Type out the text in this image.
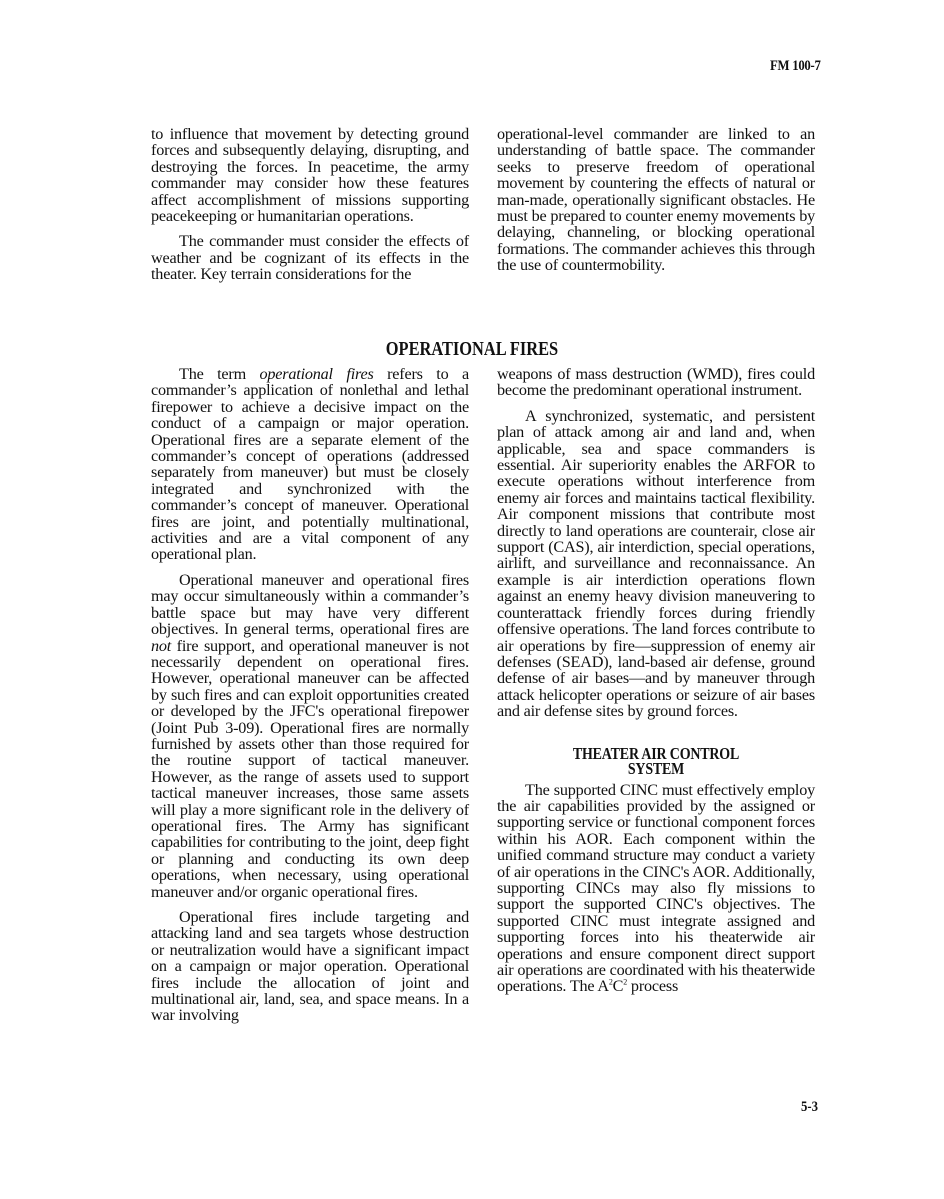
FM 100-7

to influence that movement by detecting ground forces and subsequently delaying, disrupting, and destroying the forces. In peacetime, the army commander may consider how these features affect accomplishment of missions supporting peacekeeping or humanitarian operations.

The commander must consider the effects of weather and be cognizant of its effects in the theater. Key terrain considerations for the

operational-level commander are linked to an understanding of battle space. The commander seeks to preserve freedom of operational movement by countering the effects of natural or man-made, operationally significant obstacles. He must be prepared to counter enemy movements by delaying, channeling, or blocking operational formations. The commander achieves this through the use of countermobility.

OPERATIONAL FIRES

The term operational fires refers to a commander’s application of nonlethal and lethal firepower to achieve a decisive impact on the conduct of a campaign or major operation. Operational fires are a separate element of the commander’s concept of operations (addressed separately from maneuver) but must be closely integrated and synchronized with the commander’s concept of maneuver. Operational fires are joint, and potentially multinational, activities and are a vital component of any operational plan.

Operational maneuver and operational fires may occur simultaneously within a commander’s battle space but may have very different objectives. In general terms, operational fires are not fire support, and operational maneuver is not necessarily dependent on operational fires. However, operational maneuver can be affected by such fires and can exploit opportunities created or developed by the JFC's operational firepower (Joint Pub 3-09). Operational fires are normally furnished by assets other than those required for the routine support of tactical maneuver. However, as the range of assets used to support tactical maneuver increases, those same assets will play a more significant role in the delivery of operational fires. The Army has significant capabilities for contributing to the joint, deep fight or planning and conducting its own deep operations, when necessary, using operational maneuver and/or organic operational fires.

Operational fires include targeting and attacking land and sea targets whose destruction or neutralization would have a significant impact on a campaign or major operation. Operational fires include the allocation of joint and multinational air, land, sea, and space means. In a war involving

weapons of mass destruction (WMD), fires could become the predominant operational instrument.

A synchronized, systematic, and persistent plan of attack among air and land and, when applicable, sea and space commanders is essential. Air superiority enables the ARFOR to execute operations without interference from enemy air forces and maintains tactical flexibility. Air component missions that contribute most directly to land operations are counterair, close air support (CAS), air interdiction, special operations, airlift, and surveillance and reconnaissance. An example is air interdiction operations flown against an enemy heavy division maneuvering to counterattack friendly forces during friendly offensive operations. The land forces contribute to air operations by fire—suppression of enemy air defenses (SEAD), land-based air defense, ground defense of air bases—and by maneuver through attack helicopter operations or seizure of air bases and air defense sites by ground forces.

THEATER AIR CONTROL
SYSTEM

The supported CINC must effectively employ the air capabilities provided by the assigned or supporting service or functional component forces within his AOR. Each component within the unified command structure may conduct a variety of air operations in the CINC's AOR. Additionally, supporting CINCs may also fly missions to support the supported CINC's objectives. The supported CINC must integrate assigned and supporting forces into his theaterwide air operations and ensure component direct support air operations are coordinated with his theaterwide operations. The $A^2C^2$ process

5-3
